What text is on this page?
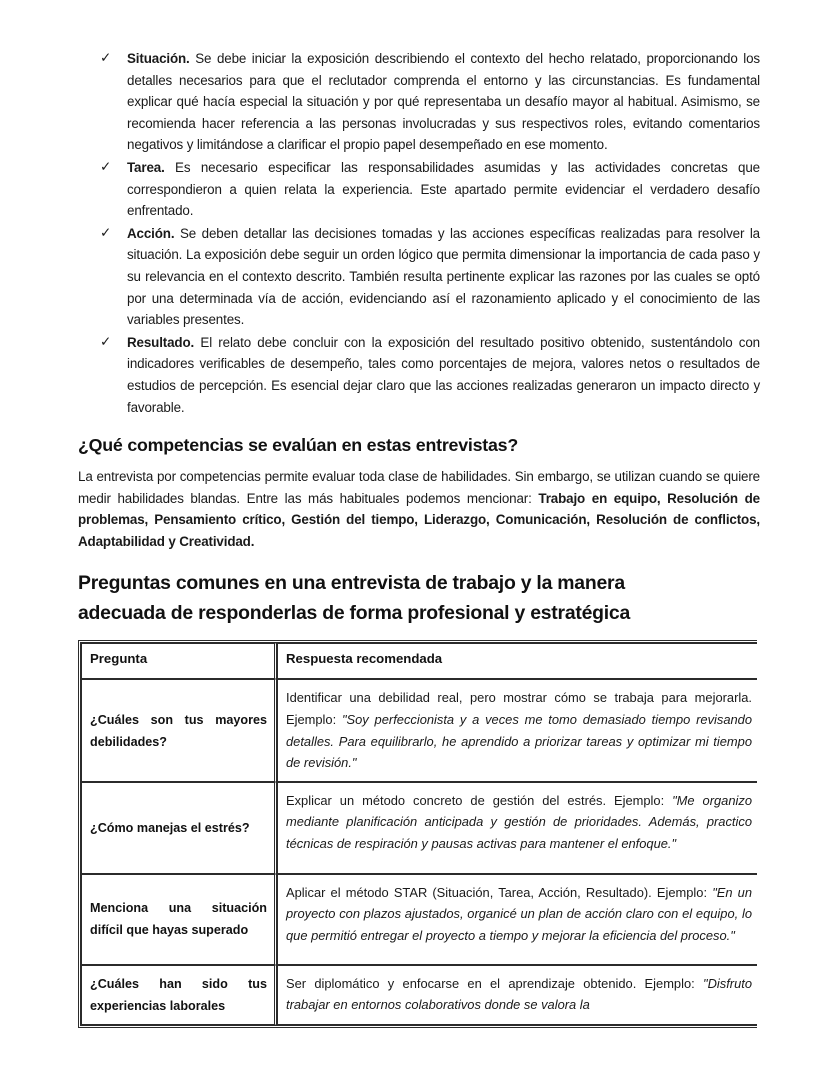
✓ Situación. Se debe iniciar la exposición describiendo el contexto del hecho relatado, proporcionando los detalles necesarios para que el reclutador comprenda el entorno y las circunstancias. Es fundamental explicar qué hacía especial la situación y por qué representaba un desafío mayor al habitual. Asimismo, se recomienda hacer referencia a las personas involucradas y sus respectivos roles, evitando comentarios negativos y limitándose a clarificar el propio papel desempeñado en ese momento.
✓ Tarea. Es necesario especificar las responsabilidades asumidas y las actividades concretas que correspondieron a quien relata la experiencia. Este apartado permite evidenciar el verdadero desafío enfrentado.
✓ Acción. Se deben detallar las decisiones tomadas y las acciones específicas realizadas para resolver la situación. La exposición debe seguir un orden lógico que permita dimensionar la importancia de cada paso y su relevancia en el contexto descrito. También resulta pertinente explicar las razones por las cuales se optó por una determinada vía de acción, evidenciando así el razonamiento aplicado y el conocimiento de las variables presentes.
✓ Resultado. El relato debe concluir con la exposición del resultado positivo obtenido, sustentándolo con indicadores verificables de desempeño, tales como porcentajes de mejora, valores netos o resultados de estudios de percepción. Es esencial dejar claro que las acciones realizadas generaron un impacto directo y favorable.
¿Qué competencias se evalúan en estas entrevistas?

La entrevista por competencias permite evaluar toda clase de habilidades. Sin embargo, se utilizan cuando se quiere medir habilidades blandas. Entre las más habituales podemos mencionar: Trabajo en equipo, Resolución de problemas, Pensamiento crítico, Gestión del tiempo, Liderazgo, Comunicación, Resolución de conflictos, Adaptabilidad y Creatividad.

Preguntas comunes en una entrevista de trabajo y la manera
adecuada de responderlas de forma profesional y estratégica
Pregunta	Respuesta recomendada
¿Cuáles son tus mayores debilidades?	Identificar una debilidad real, pero mostrar cómo se trabaja para mejorarla. Ejemplo: "Soy perfeccionista y a veces me tomo demasiado tiempo revisando detalles. Para equilibrarlo, he aprendido a priorizar tareas y optimizar mi tiempo de revisión."
¿Cómo manejas el estrés?	Explicar un método concreto de gestión del estrés. Ejemplo: "Me organizo mediante planificación anticipada y gestión de prioridades. Además, practico técnicas de respiración y pausas activas para mantener el enfoque."
Menciona una situación difícil que hayas superado	Aplicar el método STAR (Situación, Tarea, Acción, Resultado). Ejemplo: "En un proyecto con plazos ajustados, organicé un plan de acción claro con el equipo, lo que permitió entregar el proyecto a tiempo y mejorar la eficiencia del proceso."
¿Cuáles han sido tus experiencias laborales	Ser diplomático y enfocarse en el aprendizaje obtenido. Ejemplo: "Disfruto trabajar en entornos colaborativos donde se valora la
